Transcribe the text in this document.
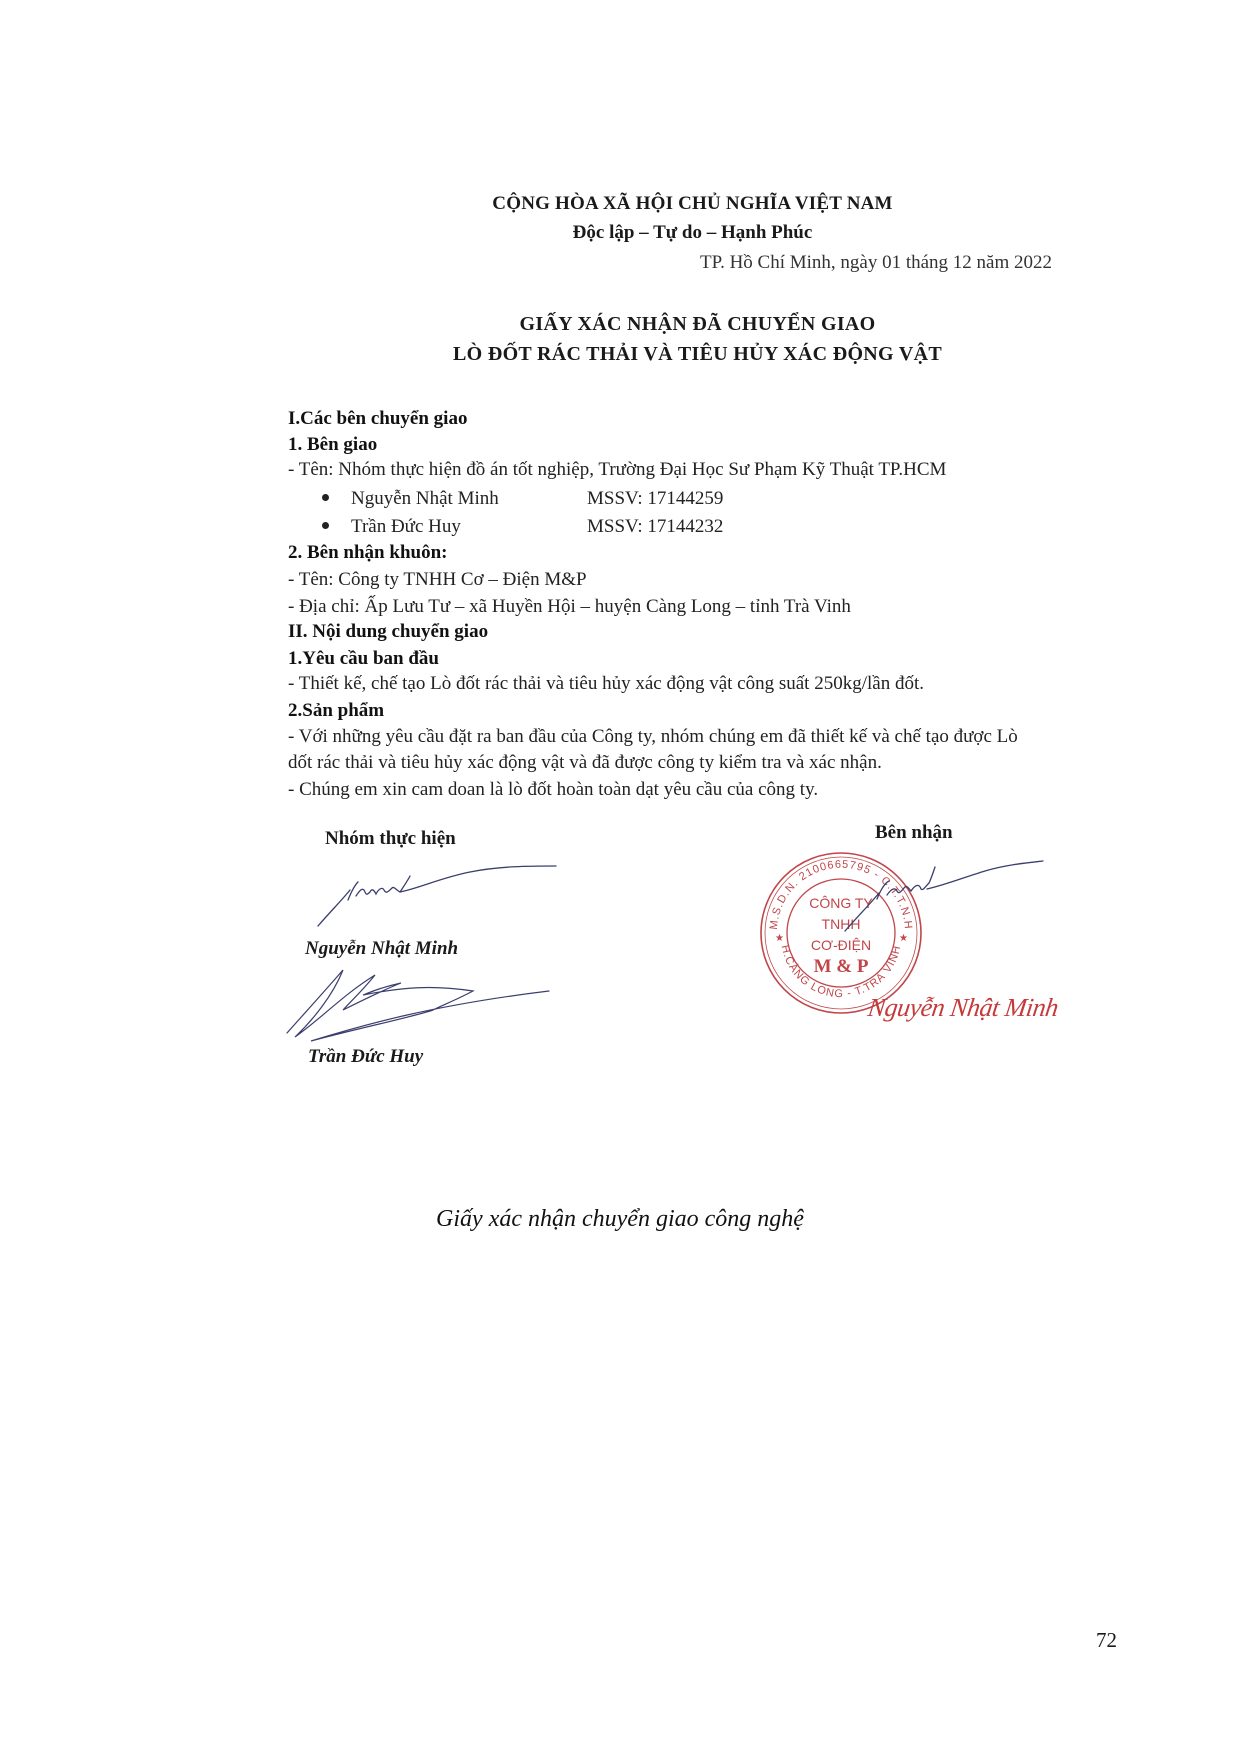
CỘNG HÒA XÃ HỘI CHỦ NGHĨA VIỆT NAM
Độc lập – Tự do – Hạnh Phúc
TP. Hồ Chí Minh, ngày 01 tháng 12 năm 2022
GIẤY XÁC NHẬN ĐÃ CHUYỂN GIAO
LÒ ĐỐT RÁC THẢI VÀ TIÊU HỦY XÁC ĐỘNG VẬT
I.Các bên chuyển giao
1. Bên giao
- Tên: Nhóm thực hiện đồ án tốt nghiệp, Trường Đại Học Sư Phạm Kỹ Thuật TP.HCM
Nguyễn Nhật Minh	MSSV: 17144259
Trần Đức Huy	MSSV: 17144232
2. Bên nhận khuôn:
- Tên: Công ty TNHH Cơ – Điện M&P
- Địa chỉ: Ấp Lưu Tư – xã Huyền Hội – huyện Càng Long – tỉnh Trà Vinh
II. Nội dung chuyển giao
1.Yêu cầu ban đầu
- Thiết kế, chế tạo Lò đốt rác thải và tiêu hủy xác động vật công suất 250kg/lần đốt.
2.Sản phẩm
- Với những yêu cầu đặt ra ban đầu của Công ty, nhóm chúng em đã thiết kế và chế tạo được Lò
dốt rác thải và tiêu hủy xác động vật và đã được công ty kiểm tra và xác nhận.
- Chúng em xin cam doan là lò đốt hoàn toàn dạt yêu cầu của công ty.
Nhóm thực hiện
Nguyễn Nhật Minh
Trần Đức Huy
Bên nhận
M.S.D.N. 2100665795 - C.T.T.N.H
H.CÀNG LONG - T.TRÀ VINH
★	★
CÔNG TY
TNHH
CƠ-ĐIỆN
M & P
Nguyễn Nhật Minh
Giấy xác nhận chuyển giao công nghệ
72
